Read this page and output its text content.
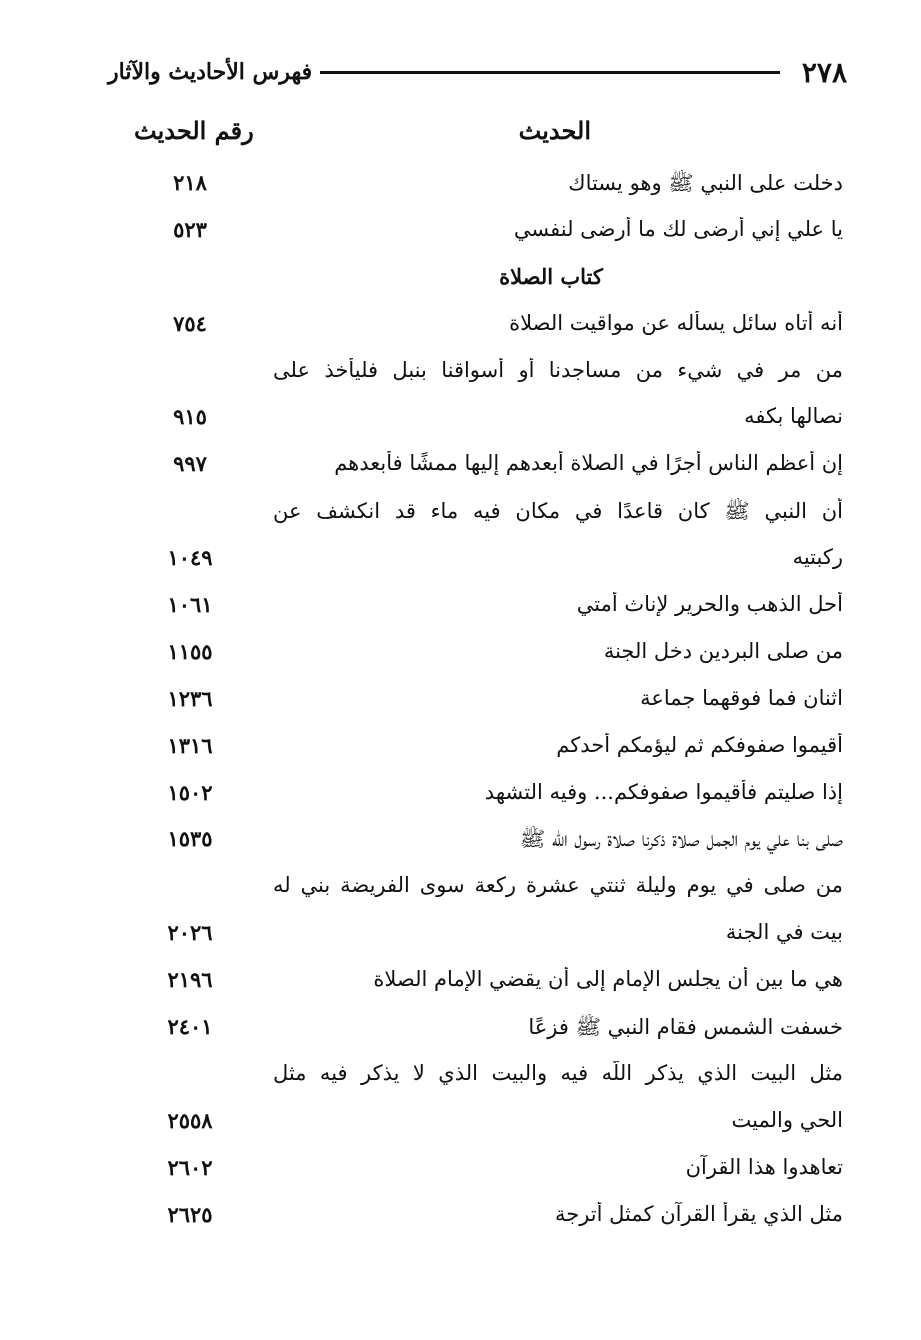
٢٧٨
فهرس الأحاديث والآثار
الحديث
رقم الحديث
دخلت على النبي ﷺ وهو يستاك
٢١٨
يا علي إني أرضى لك ما أرضى لنفسي
٥٢٣
كتاب الصلاة
أنه أتاه سائل يسأله عن مواقيت الصلاة
٧٥٤
من مر في شيء من مساجدنا أو أسواقنا بنبل فليأخذ على
نصالها بكفه
٩١٥
إن أعظم الناس أجرًا في الصلاة أبعدهم إليها ممشًا فأبعدهم
٩٩٧
أن النبي ﷺ كان قاعدًا في مكان فيه ماء قد انكشف عن
ركبتيه
١٠٤٩
أحل الذهب والحرير لإناث أمتي
١٠٦١
من صلى البردين دخل الجنة
١١٥٥
اثنان فما فوقهما جماعة
١٢٣٦
أقيموا صفوفكم ثم ليؤمكم أحدكم
١٣١٦
إذا صليتم فأقيموا صفوفكم... وفيه التشهد
١٥٠٢
صلى بنا علي يوم الجمل صلاة ذكرنا صلاة رسول اللّه ﷺ
١٥٣٥
من صلى في يوم وليلة ثنتي عشرة ركعة سوى الفريضة بني له
بيت في الجنة
٢٠٢٦
هي ما بين أن يجلس الإمام إلى أن يقضي الإمام الصلاة
٢١٩٦
خسفت الشمس فقام النبي ﷺ فزعًا
٢٤٠١
مثل البيت الذي يذكر اللّه فيه والبيت الذي لا يذكر فيه مثل
الحي والميت
٢٥٥٨
تعاهدوا هذا القرآن
٢٦٠٢
مثل الذي يقرأ القرآن كمثل أترجة
٢٦٢٥
